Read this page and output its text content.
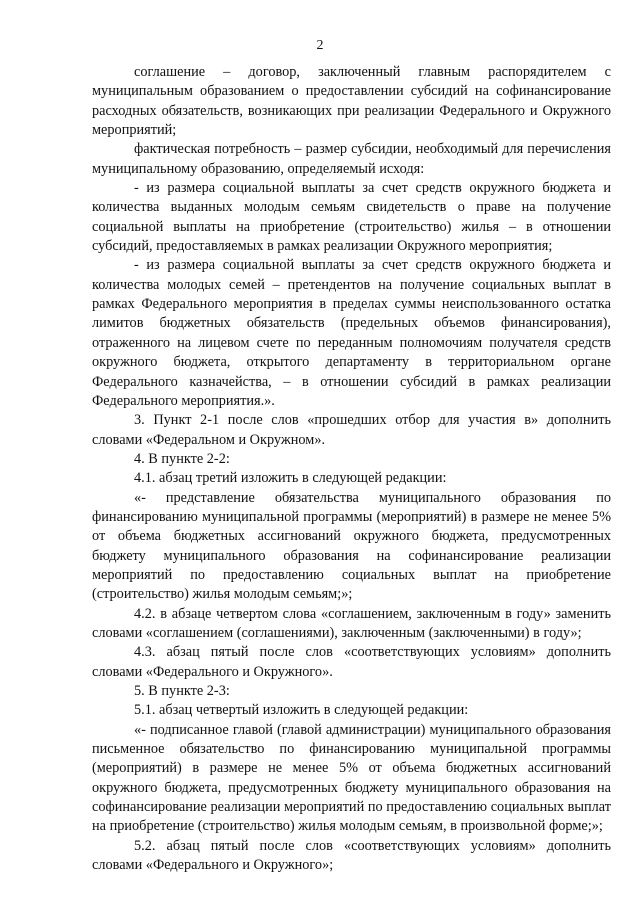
2

соглашение – договор, заключенный главным распорядителем с муниципальным образованием о предоставлении субсидий на софинансирование расходных обязательств, возникающих при реализации Федерального и Окружного мероприятий;

фактическая потребность – размер субсидии, необходимый для перечисления муниципальному образованию, определяемый исходя:

- из размера социальной выплаты за счет средств окружного бюджета и количества выданных молодым семьям свидетельств о праве на получение социальной выплаты на приобретение (строительство) жилья – в отношении субсидий, предоставляемых в рамках реализации Окружного мероприятия;

- из размера социальной выплаты за счет средств окружного бюджета и количества молодых семей – претендентов на получение социальных выплат в рамках Федерального мероприятия в пределах суммы неиспользованного остатка лимитов бюджетных обязательств (предельных объемов финансирования), отраженного на лицевом счете по переданным полномочиям получателя средств окружного бюджета, открытого департаменту в территориальном органе Федерального казначейства, – в отношении субсидий в рамках реализации Федерального мероприятия.».

3. Пункт 2-1 после слов «прошедших отбор для участия в» дополнить словами «Федеральном и Окружном».

4. В пункте 2-2:

4.1. абзац третий изложить в следующей редакции:

«- представление обязательства муниципального образования по финансированию муниципальной программы (мероприятий) в размере не менее 5% от объема бюджетных ассигнований окружного бюджета, предусмотренных бюджету муниципального образования на софинансирование реализации мероприятий по предоставлению социальных выплат на приобретение (строительство) жилья молодым семьям;»;

4.2. в абзаце четвертом слова «соглашением, заключенным в году» заменить словами «соглашением (соглашениями), заключенным (заключенными) в году»;

4.3. абзац пятый после слов «соответствующих условиям» дополнить словами «Федерального и Окружного».

5. В пункте 2-3:

5.1. абзац четвертый изложить в следующей редакции:

«- подписанное главой (главой администрации) муниципального образования письменное обязательство по финансированию муниципальной программы (мероприятий) в размере не менее 5% от объема бюджетных ассигнований окружного бюджета, предусмотренных бюджету муниципального образования на софинансирование реализации мероприятий по предоставлению социальных выплат на приобретение (строительство) жилья молодым семьям, в произвольной форме;»;

5.2. абзац пятый после слов «соответствующих условиям» дополнить словами «Федерального и Окружного»;
